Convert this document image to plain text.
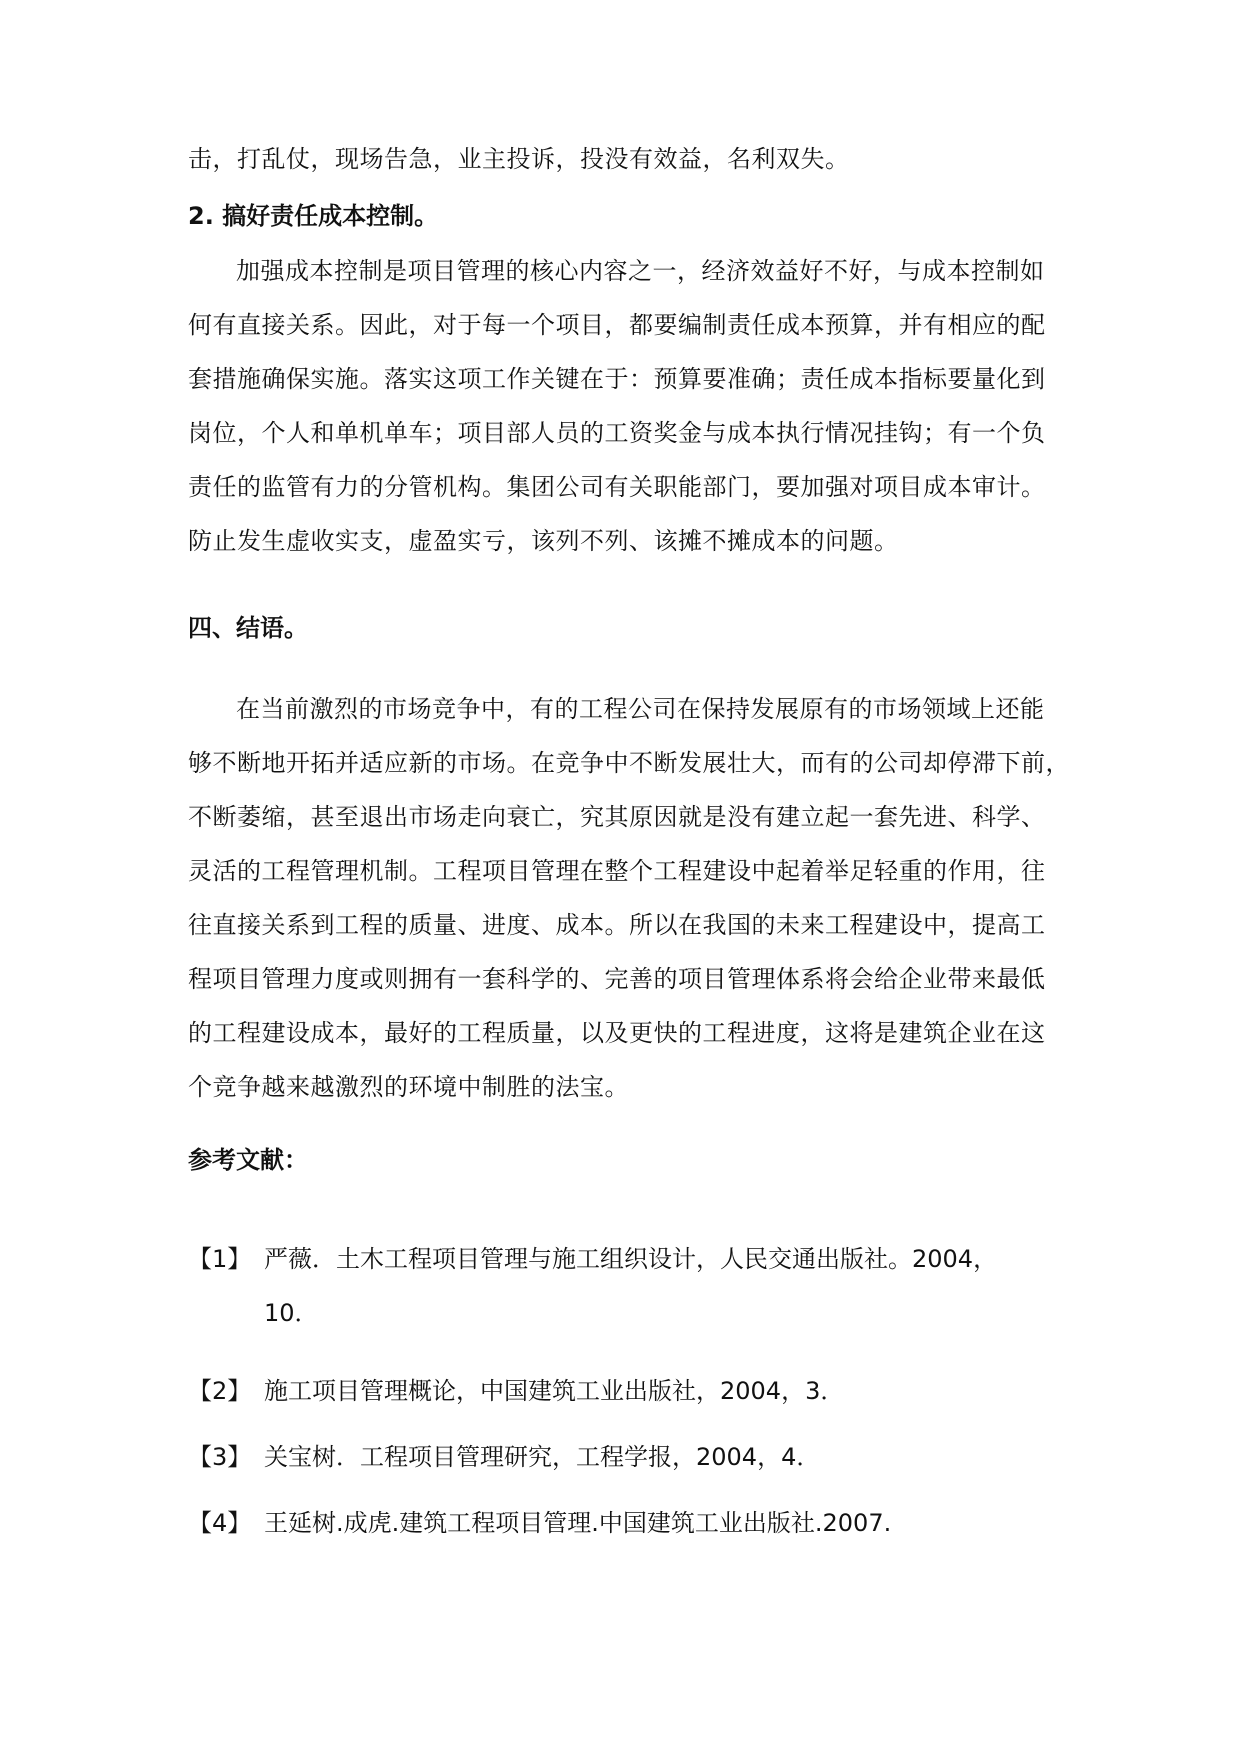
击，打乱仗，现场告急，业主投诉，投没有效益，名利双失。
2. 搞好责任成本控制。
加强成本控制是项目管理的核心内容之一，经济效益好不好，与成本控制如
何有直接关系。因此，对于每一个项目，都要编制责任成本预算，并有相应的配
套措施确保实施。落实这项工作关键在于：预算要准确；责任成本指标要量化到
岗位，个人和单机单车；项目部人员的工资奖金与成本执行情况挂钩；有一个负
责任的监管有力的分管机构。集团公司有关职能部门，要加强对项目成本审计。
防止发生虚收实支，虚盈实亏，该列不列、该摊不摊成本的问题。
四、结语。
在当前激烈的市场竞争中，有的工程公司在保持发展原有的市场领域上还能
够不断地开拓并适应新的市场。在竞争中不断发展壮大，而有的公司却停滞下前，
不断萎缩，甚至退出市场走向衰亡，究其原因就是没有建立起一套先进、科学、
灵活的工程管理机制。工程项目管理在整个工程建设中起着举足轻重的作用，往
往直接关系到工程的质量、进度、成本。所以在我国的未来工程建设中，提高工
程项目管理力度或则拥有一套科学的、完善的项目管理体系将会给企业带来最低
的工程建设成本，最好的工程质量，以及更快的工程进度，这将是建筑企业在这
个竞争越来越激烈的环境中制胜的法宝。
参考文献：
【1】 严薇．土木工程项目管理与施工组织设计，人民交通出版社。2004，
10．
【2】 施工项目管理概论，中国建筑工业出版社，2004，3．
【3】 关宝树．工程项目管理研究，工程学报，2004，4．
【4】 王延树.成虎.建筑工程项目管理.中国建筑工业出版社.2007.
